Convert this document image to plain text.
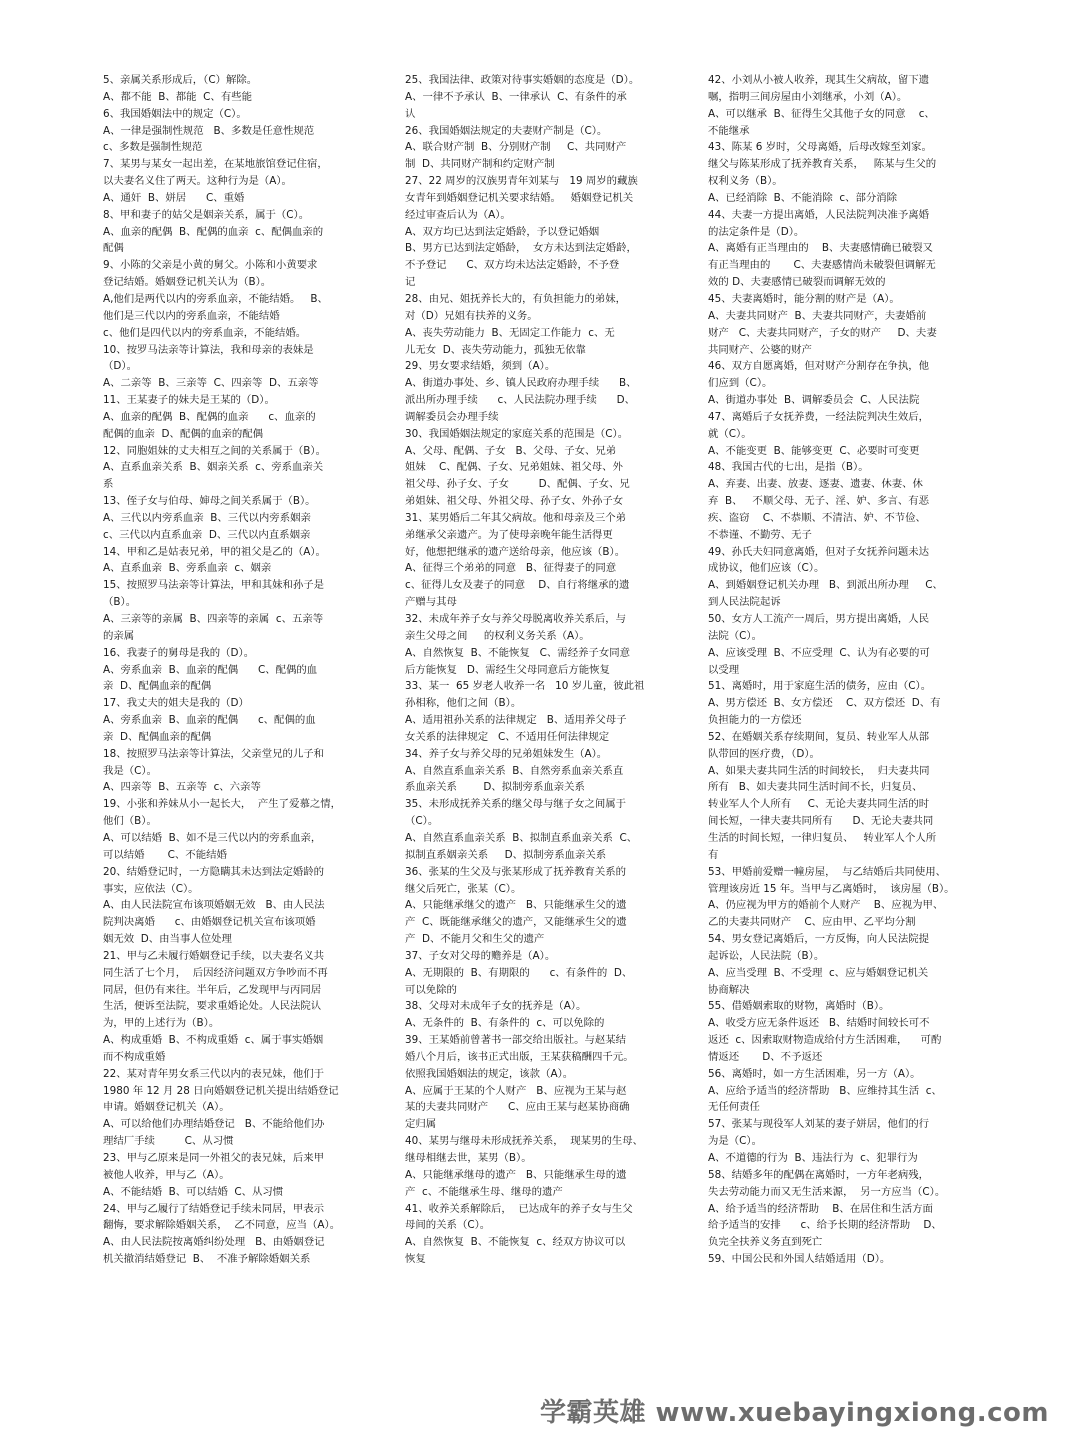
5、亲属关系形成后，（C）解除。
A、都不能  B、都能  C、有些能
6、我国婚姻法中的规定（C）。
A、一律是强制性规范   B、多数是任意性规范
c、多数是强制性规范
7、某男与某女一起出差，在某地旅馆登记住宿，
以夫妻名义住了两天。这种行为是（A）。
A、通奸  B、姘居      C、重婚
8、甲和妻子的姑父是姻亲关系，属于（C）。
A、血亲的配偶  B、配偶的血亲  c、配偶血亲的
配偶
9、小陈的父亲是小黄的舅父。小陈和小黄要求
登记结婚。婚姻登记机关认为（B）。
A,他们是两代以内的旁系血亲，不能结婚。   B、
他们是三代以内的旁系血亲，不能结婚
c、他们是四代以内的旁系血亲，不能结婚。
10、按罗马法亲等计算法，我和母亲的表妹是
（D）。
A、二亲等  B、三亲等  C、四亲等  D、五亲等
11、王某妻子的妹夫是王某的（D）。
A、血亲的配偶  B、配偶的血亲      c、血亲的
配偶的血亲  D、配偶的血亲的配偶
12、同胞姐妹的丈夫相互之间的关系属于（B）。
A、直系血亲关系  B、姻亲关系  c、旁系血亲关
系
13、侄子女与伯母、婶母之间关系属于（B）。
A、三代以内旁系血亲  B、三代以内旁系姻亲
c、三代以内直系血亲  D、三代以内直系姻亲
14、甲和乙是姑表兄弟，甲的祖父是乙的（A）。
A、直系血亲  B、旁系血亲  c、姻亲
15、按照罗马法亲等计算法，甲和其妹和孙子是
（B）。
A、三亲等的亲属  B、四亲等的亲属  c、五亲等
的亲属
16、我妻子的舅母是我的（D）。
A、旁系血亲  B、血亲的配偶      C、配偶的血
亲  D、配偶血亲的配偶
17、我丈夫的姐夫是我的（D）
A、旁系血亲  B、血亲的配偶      c、配偶的血
亲  D、配偶血亲的配偶
18、按照罗马法亲等计算法，父亲堂兄的儿子和
我是（C）。
A、四亲等  B、五亲等  c、六亲等
19、小张和养妹从小一起长大，  产生了爱慕之情，
他们（B）。
A、可以结婚  B、如不是三代以内的旁系血亲，
可以结婚       C、不能结婚
20、结婚登记时，一方隐瞒其未达到法定婚龄的
事实，应依法（C）。
A、由人民法院宣布该项婚姻无效   B、由人民法
院判决离婚      c、由婚姻登记机关宣布该项婚
姻无效  D、由当事人位处理
21、甲与乙未履行婚姻登记手续，以夫妻名义共
同生活了七个月，  后因经济问题双方争吵而不再
同居，但仍有来往。半年后，乙发现甲与丙同居
生活，便诉至法院，要求重婚论处。人民法院认
为，甲的上述行为（B）。
A、构成重婚  B、不构成重婚  c、属于事实婚姻
而不构成重婚
22、某对青年男女系三代以内的表兄妹，他们于
1980 年 12 月 28 日向婚姻登记机关提出结婚登记
申请。婚姻登记机关（A）。
A、可以给他们办理结婚登记   B、不能给他们办
理结厂手续         C、从习惯
23、甲与乙原来是同一外祖父的表兄妹，后来甲
被他人收养，甲与乙（A）。
A、不能结婚  B、可以结婚  C、从习惯
24、甲与乙履行了结婚登记手续未同居，甲表示
翻悔，要求解除婚姻关系，  乙不同意，应当（A）。
A、由人民法院按离婚纠纷处理   B、由婚姻登记
机关撤消结婚登记  B、  不准予解除婚姻关系
25、我国法律、政策对待事实婚姻的态度是（D）。
A、一律不予承认  B、一律承认  C、有条件的承
认
26、我国婚姻法规定的夫妻财产制是（C）。
A、联合财产制  B、分别财产制     C、共同财产
制  D、共同财产制和约定财产制
27、22 周岁的汉族男青年刘某与   19 周岁的藏族
女青年到婚姻登记机关要求结婚。   婚姻登记机关
经过审查后认为（A）。
A、双方均已达到法定婚龄，予以登记婚姻
B、男方已达到法定婚龄，  女方未达到法定婚龄，
不予登记      C、双方均未达法定婚龄，不予登
记
28、由兄、姐抚养长大的，有负担能力的弟妹，
对（D）兄姐有扶养的义务。
A、丧失劳动能力  B、无固定工作能力  c、无
儿无女  D、丧失劳动能力，孤独无依靠
29、男女要求结婚，须到（A）。
A、街道办事处、乡、镇人民政府办理手续      B、
派出所办理手续      c、人民法院办理手续      D、
调解委员会办理手续
30、我国婚姻法规定的家庭关系的范围是（C）。
A、父母、配偶、子女   B、父母、子女、兄弟
姐妹    C、配偶、子女、兄弟姐妹、祖父母、外
祖父母、孙子女、子女         D、配偶、子女、兄
弟姐妹、祖父母、外祖父母、孙子女、外孙子女
31、某男婚后二年其父病故。他和母亲及三个弟
弟继承父亲遗产。为了使母亲晚年能生活得更
好，他想把继承的遗产送给母亲，他应该（B）。
A、征得三个弟弟的同意   B、征得妻子的同意
c、征得儿女及妻子的同意    D、自行将继承的遗
产赠与其母
32、未成年养子女与养父母脱离收养关系后，与
亲生父母之间     的权利义务关系（A）。
A、自然恢复  B、不能恢复   C、需经养子女同意
后方能恢复   D、需经生父母同意后方能恢复
33、某一  65 岁老人收养一名   10 岁儿童，彼此祖
孙相称，他们之间（B）。
A、适用祖孙关系的法律规定   B、适用养父母子
女关系的法律规定   C、不适用任何法律规定
34、养子女与养父母的兄弟姐妹发生（A）。
A、自然直系血亲关系  B、自然旁系血亲关系直
系血亲关系        D、拟制旁系血亲关系
35、未形成抚养关系的继父母与继子女之间属于
（C）。
A、自然直系血亲关系  B、拟制直系血亲关系  C、
拟制直系姻亲关系     D、拟制旁系血亲关系
36、张某的生父及与张某形成了抚养教育关系的
继父后死亡，张某（C）。
A、只能继承继父的遗产   B、只能继承生父的遗
产  C、既能继承继父的遗产，又能继承生父的遗
产  D、不能月父和生父的遗产
37、子女对父母的赡养是（A）。
A、无期限的  B、有期限的      c、有条件的  D、
可以免除的
38、父母对未成年子女的抚养是（A）。
A、无条件的  B、有条件的  c、可以免除的
39、王某婚前曾著书一部交给出版社。与赵某结
婚八个月后，该书正式出版，王某获稿酬四千元。
依照我国婚姻法的规定，该款（A）。
A、应属于王某的个人财产   B、应视为王某与赵
某的夫妻共同财产      C、应由王某与赵某协商确
定归属
40、某男与继母未形成抚养关系，  现某男的生母、
继母相继去世，某男（B）。
A、只能继承继母的遗产   B、只能继承生母的遗
产  c、不能继承生母、继母的遗产
41、收养关系解除后，  已达成年的养子女与生父
母间的关系（C）。
A、自然恢复  B、不能恢复  c、经双方协议可以
恢复
42、小刘从小被人收养，现其生父病故，留下遗
嘱，指明三间房屋由小刘继承，小刘（A）。
A、可以继承  B、征得生父其他子女的同意    c、
不能继承
43、陈某 6 岁时，父母离婚，后母改嫁至刘家。
继父与陈某形成了抚养教育关系，   陈某与生父的
权利义务（B）。
A、已经消除  B、不能消除  c、部分消除
44、夫妻一方提出离婚，人民法院判决准予离婚
的法定条件是（D）。
A、离婚有正当理由的    B、夫妻感情确已破裂又
有正当理由的       C、夫妻感情尚未破裂但调解无
效的 D、夫妻感情已破裂而调解无效的
45、夫妻离婚时，能分割的财产是（A）。
A、夫妻共同财产  B、夫妻共同财产，夫妻婚前
财产   C、夫妻共同财产，子女的财产     D、夫妻
共同财产、公婆的财产
46、双方自愿离婚，但对财产分割存在争执，他
们应到（C）。
A、街道办事处  B、调解委员会  C、人民法院
47、离婚后子女抚养费，一经法院判决生效后，
就（C）。
A、不能变更  B、能够变更  C、必要时可变更
48、我国古代的七出，是指（B）。
A、弃妻、出妻、放妻、逐妻、遗妻、休妻、休
弃  B、   不顺父母、无子、淫、妒、多言、有恶
疾、盗窃    C、不恭顺、不清洁、妒、不节俭、
不恭谨、不勤劳、无子
49、孙氏夫妇同意离婚，但对子女抚养问题未达
成协议，他们应该（C）。
A、到婚姻登记机关办理   B、到派出所办理     C、
到人民法院起诉
50、女方人工流产一周后，男方提出离婚，人民
法院（C）。
A、应该受理  B、不应受理  C、认为有必要的可
以受理
51、离婚时，用于家庭生活的债务，应由（C）。
A、男方偿还  B、女方偿还    C、双方偿还  D、有
负担能力的一方偿还
52、在婚姻关系存续期间，复员、转业军人从部
队带回的医疗费，（D）。
A、如果夫妻共同生活的时间较长，  归夫妻共同
所有   B、如夫妻共同生活时间不长，归复员、
转业军人个人所有     C、无论夫妻共同生活的时
间长短，一律夫妻共同所有      D、无论夫妻共同
生活的时间长短，一律归复员、   转业军人个人所
有
53、甲婚前爱赠一幢房屋，  与乙结婚后共同使用、
管理该房近 15 年。当甲与乙离婚时，  该房屋（B）。
A、仍应视为甲方的婚前个人财产    B、应视为甲、
乙的夫妻共同财产    C、应由甲、乙平均分割
54、男女登记离婚后，一方反悔，向人民法院提
起诉讼，人民法院（B）。
A、应当受理  B、不受理  c、应与婚姻登记机关
协商解决
55、借婚姻索取的财物，离婚时（B）。
A、收受方应无条件返还   B、结婚时间较长可不
返还  c、因索取财物造成给付方生活困难，    可酌
情返还       D、不予返还
56、离婚时，如一方生活困难，另一方（A）。
A、应给予适当的经济帮助   B、应维持其生活  c、
无任何责任
57、张某与现役军人刘某的妻子姘居，他们的行
为是（C）。
A、不道德的行为  B、违法行为  c、犯罪行为
58、结婚多年的配偶在离婚时，一方年老病残，
失去劳动能力而又无生活来源，  另一方应当（C）。
A、给予适当的经济帮助    B、在居住和生活方面
给予适当的安排      c、给予长期的经济帮助    D、
负完全扶养义务直到死亡
59、中国公民和外国人结婚适用（D）。
学霸英雄 www.xuebayingxiong.com
